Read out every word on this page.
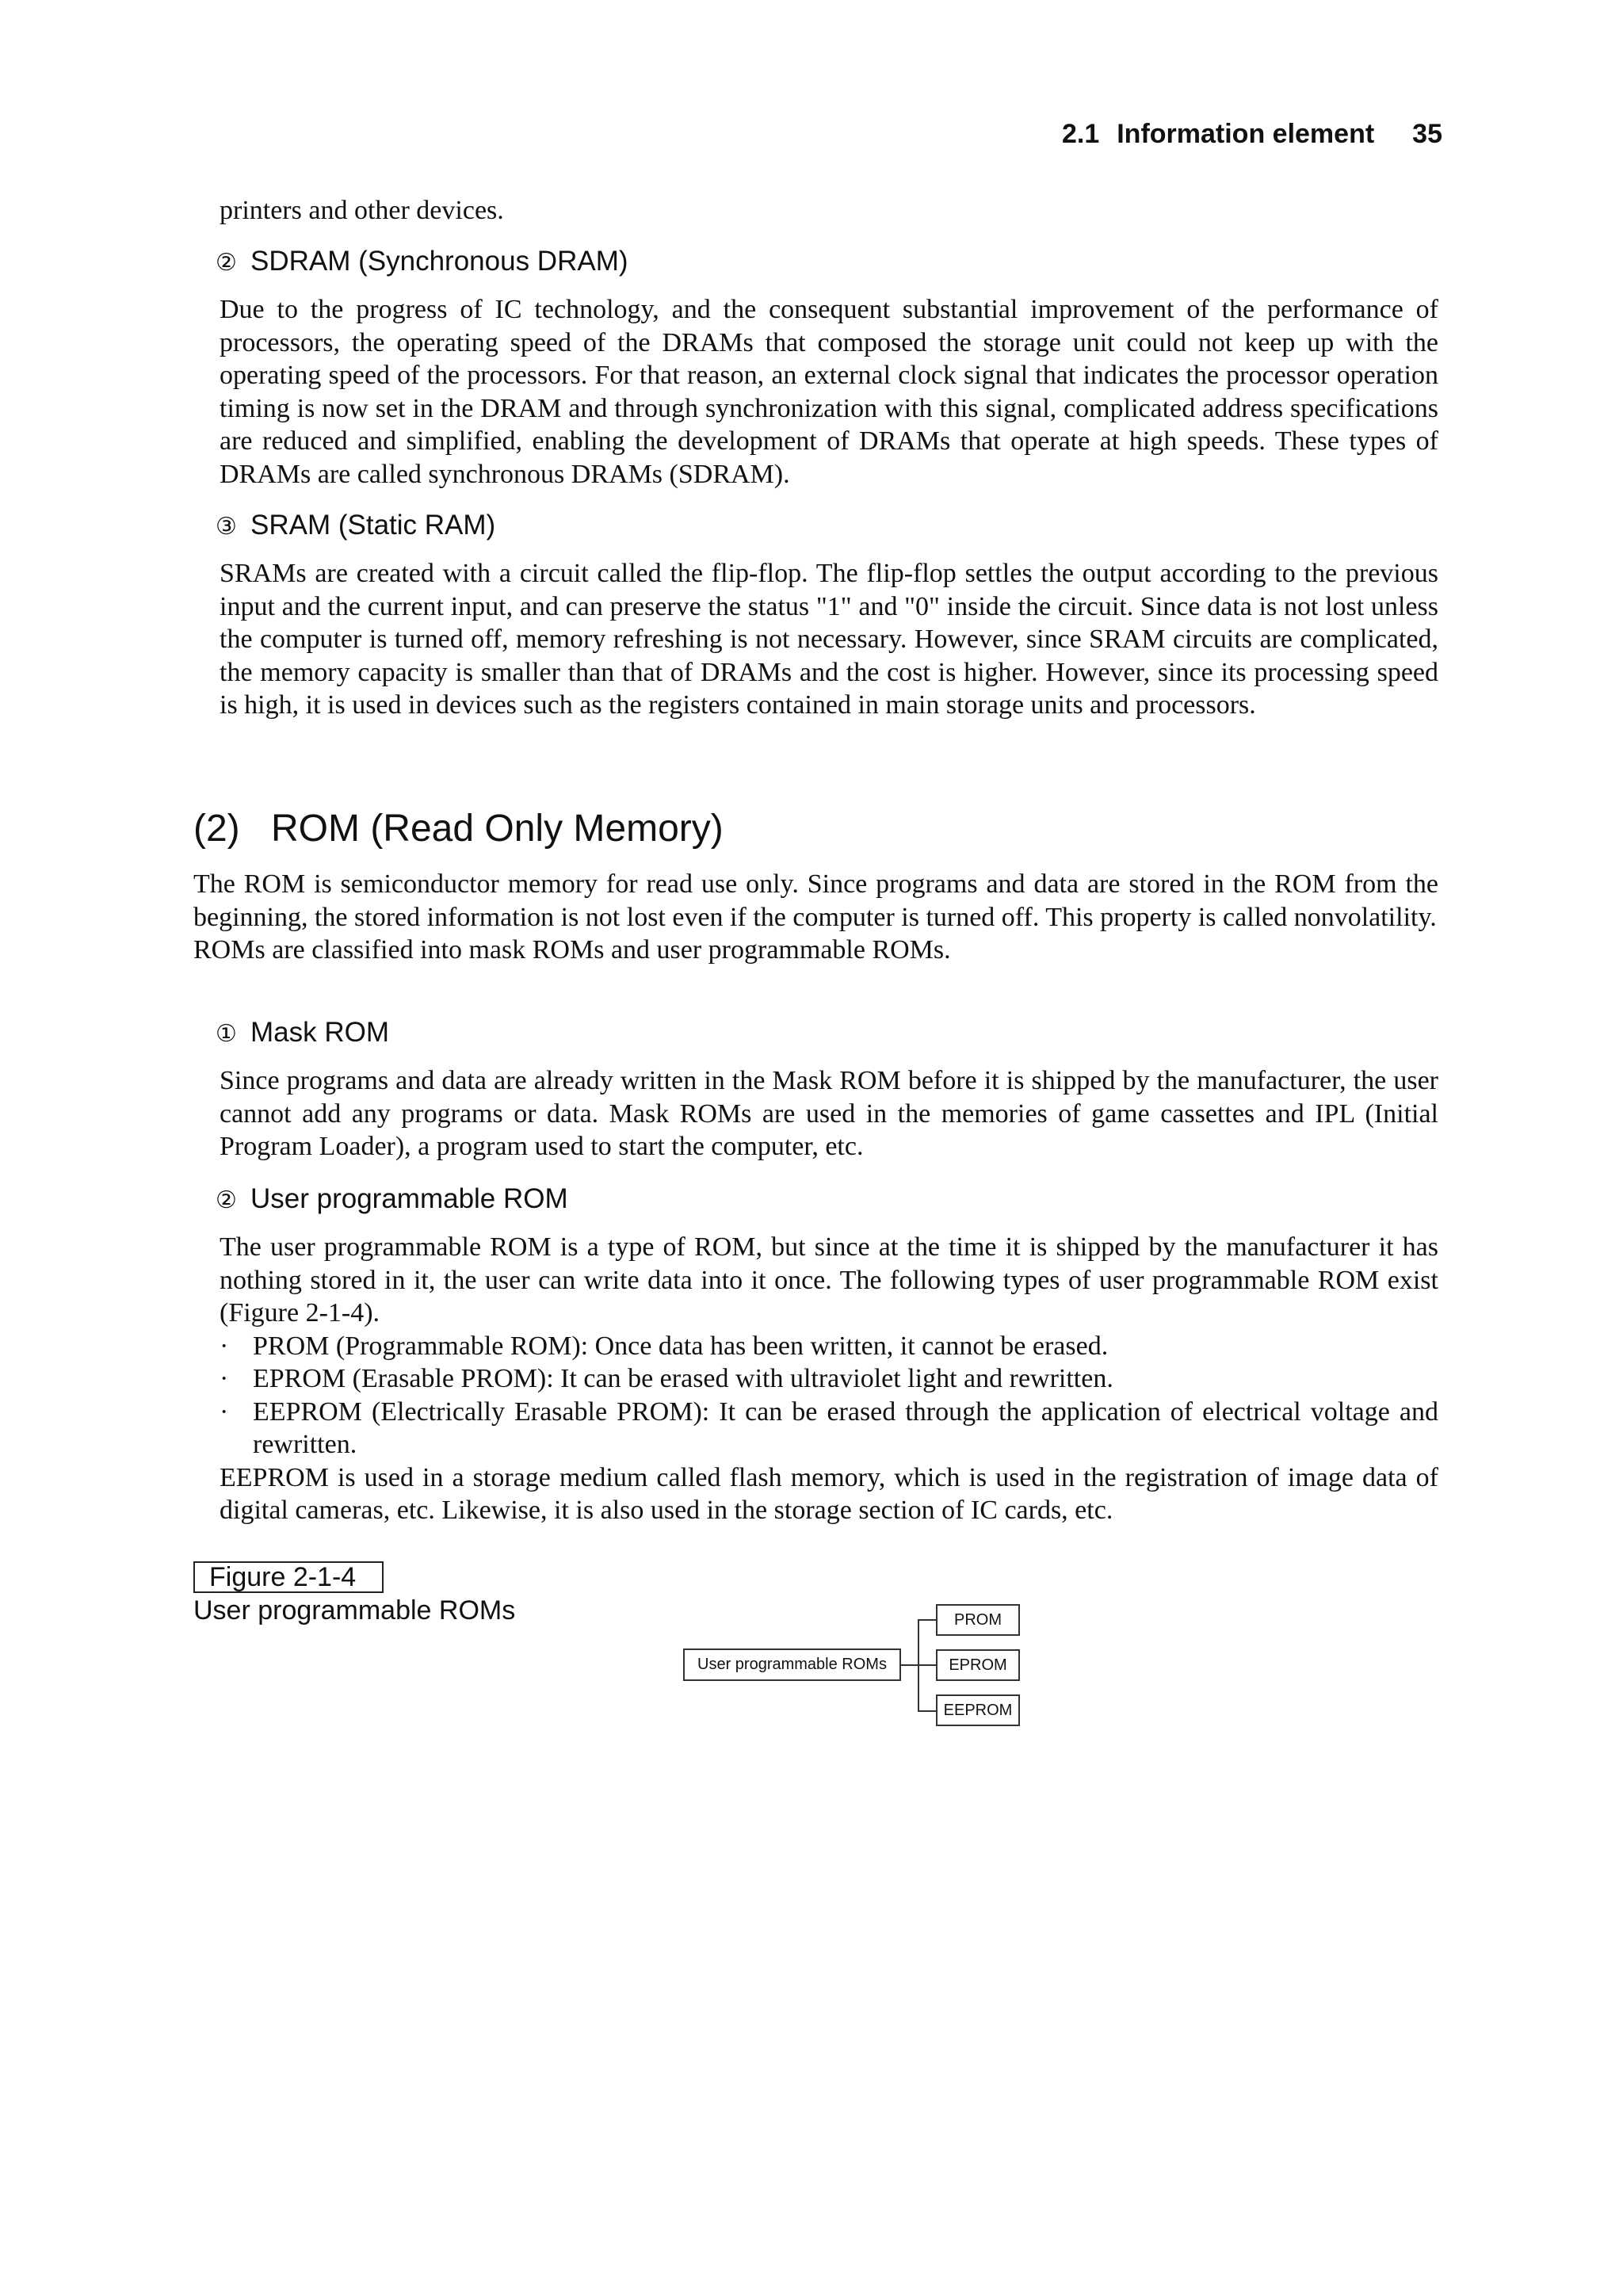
2.1 Information element 35

printers and other devices.

② SDRAM (Synchronous DRAM)

Due to the progress of IC technology, and the consequent substantial improvement of the performance of processors, the operating speed of the DRAMs that composed the storage unit could not keep up with the operating speed of the processors. For that reason, an external clock signal that indicates the processor operation timing is now set in the DRAM and through synchronization with this signal, complicated address specifications are reduced and simplified, enabling the development of DRAMs that operate at high speeds. These types of DRAMs are called synchronous DRAMs (SDRAM).

③ SRAM (Static RAM)

SRAMs are created with a circuit called the flip-flop. The flip-flop settles the output according to the previous input and the current input, and can preserve the status "1" and "0" inside the circuit. Since data is not lost unless the computer is turned off, memory refreshing is not necessary. However, since SRAM circuits are complicated, the memory capacity is smaller than that of DRAMs and the cost is higher. However, since its processing speed is high, it is used in devices such as the registers contained in main storage units and processors.

(2) ROM (Read Only Memory)

The ROM is semiconductor memory for read use only. Since programs and data are stored in the ROM from the beginning, the stored information is not lost even if the computer is turned off. This property is called nonvolatility.

ROMs are classified into mask ROMs and user programmable ROMs.

① Mask ROM

Since programs and data are already written in the Mask ROM before it is shipped by the manufacturer, the user cannot add any programs or data. Mask ROMs are used in the memories of game cassettes and IPL (Initial Program Loader), a program used to start the computer, etc.

② User programmable ROM

The user programmable ROM is a type of ROM, but since at the time it is shipped by the manufacturer it has nothing stored in it, the user can write data into it once. The following types of user programmable ROM exist (Figure 2-1-4).

· PROM (Programmable ROM): Once data has been written, it cannot be erased.

· EPROM (Erasable PROM): It can be erased with ultraviolet light and rewritten.

· EEPROM (Electrically Erasable PROM): It can be erased through the application of electrical voltage and rewritten.

EEPROM is used in a storage medium called flash memory, which is used in the registration of image data of digital cameras, etc. Likewise, it is also used in the storage section of IC cards, etc.

Figure 2-1-4
User programmable ROMs
User programmable ROMs
PROM
EPROM
EEPROM
